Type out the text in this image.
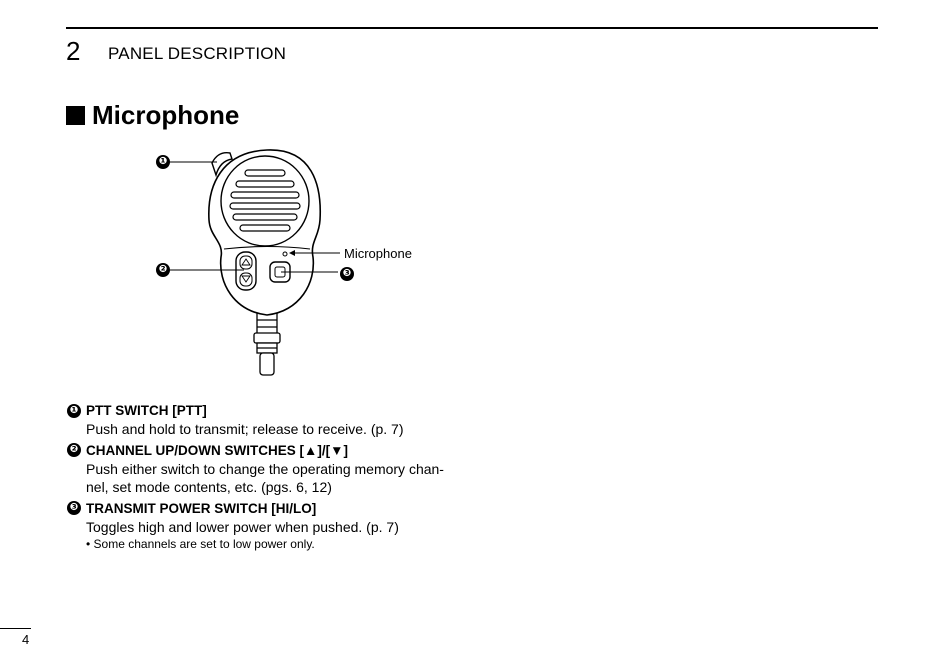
2 PANEL DESCRIPTION
Microphone
❶
❷	❸
Microphone
❶ PTT SWITCH [PTT]
Push and hold to transmit; release to receive. (p. 7)
❷ CHANNEL UP/DOWN SWITCHES [▲]/[▼]
Push either switch to change the operating memory chan-
nel, set mode contents, etc. (pgs. 6, 12)
❸ TRANSMIT POWER SWITCH [HI/LO]
Toggles high and lower power when pushed. (p. 7)
• Some channels are set to low power only.
4
